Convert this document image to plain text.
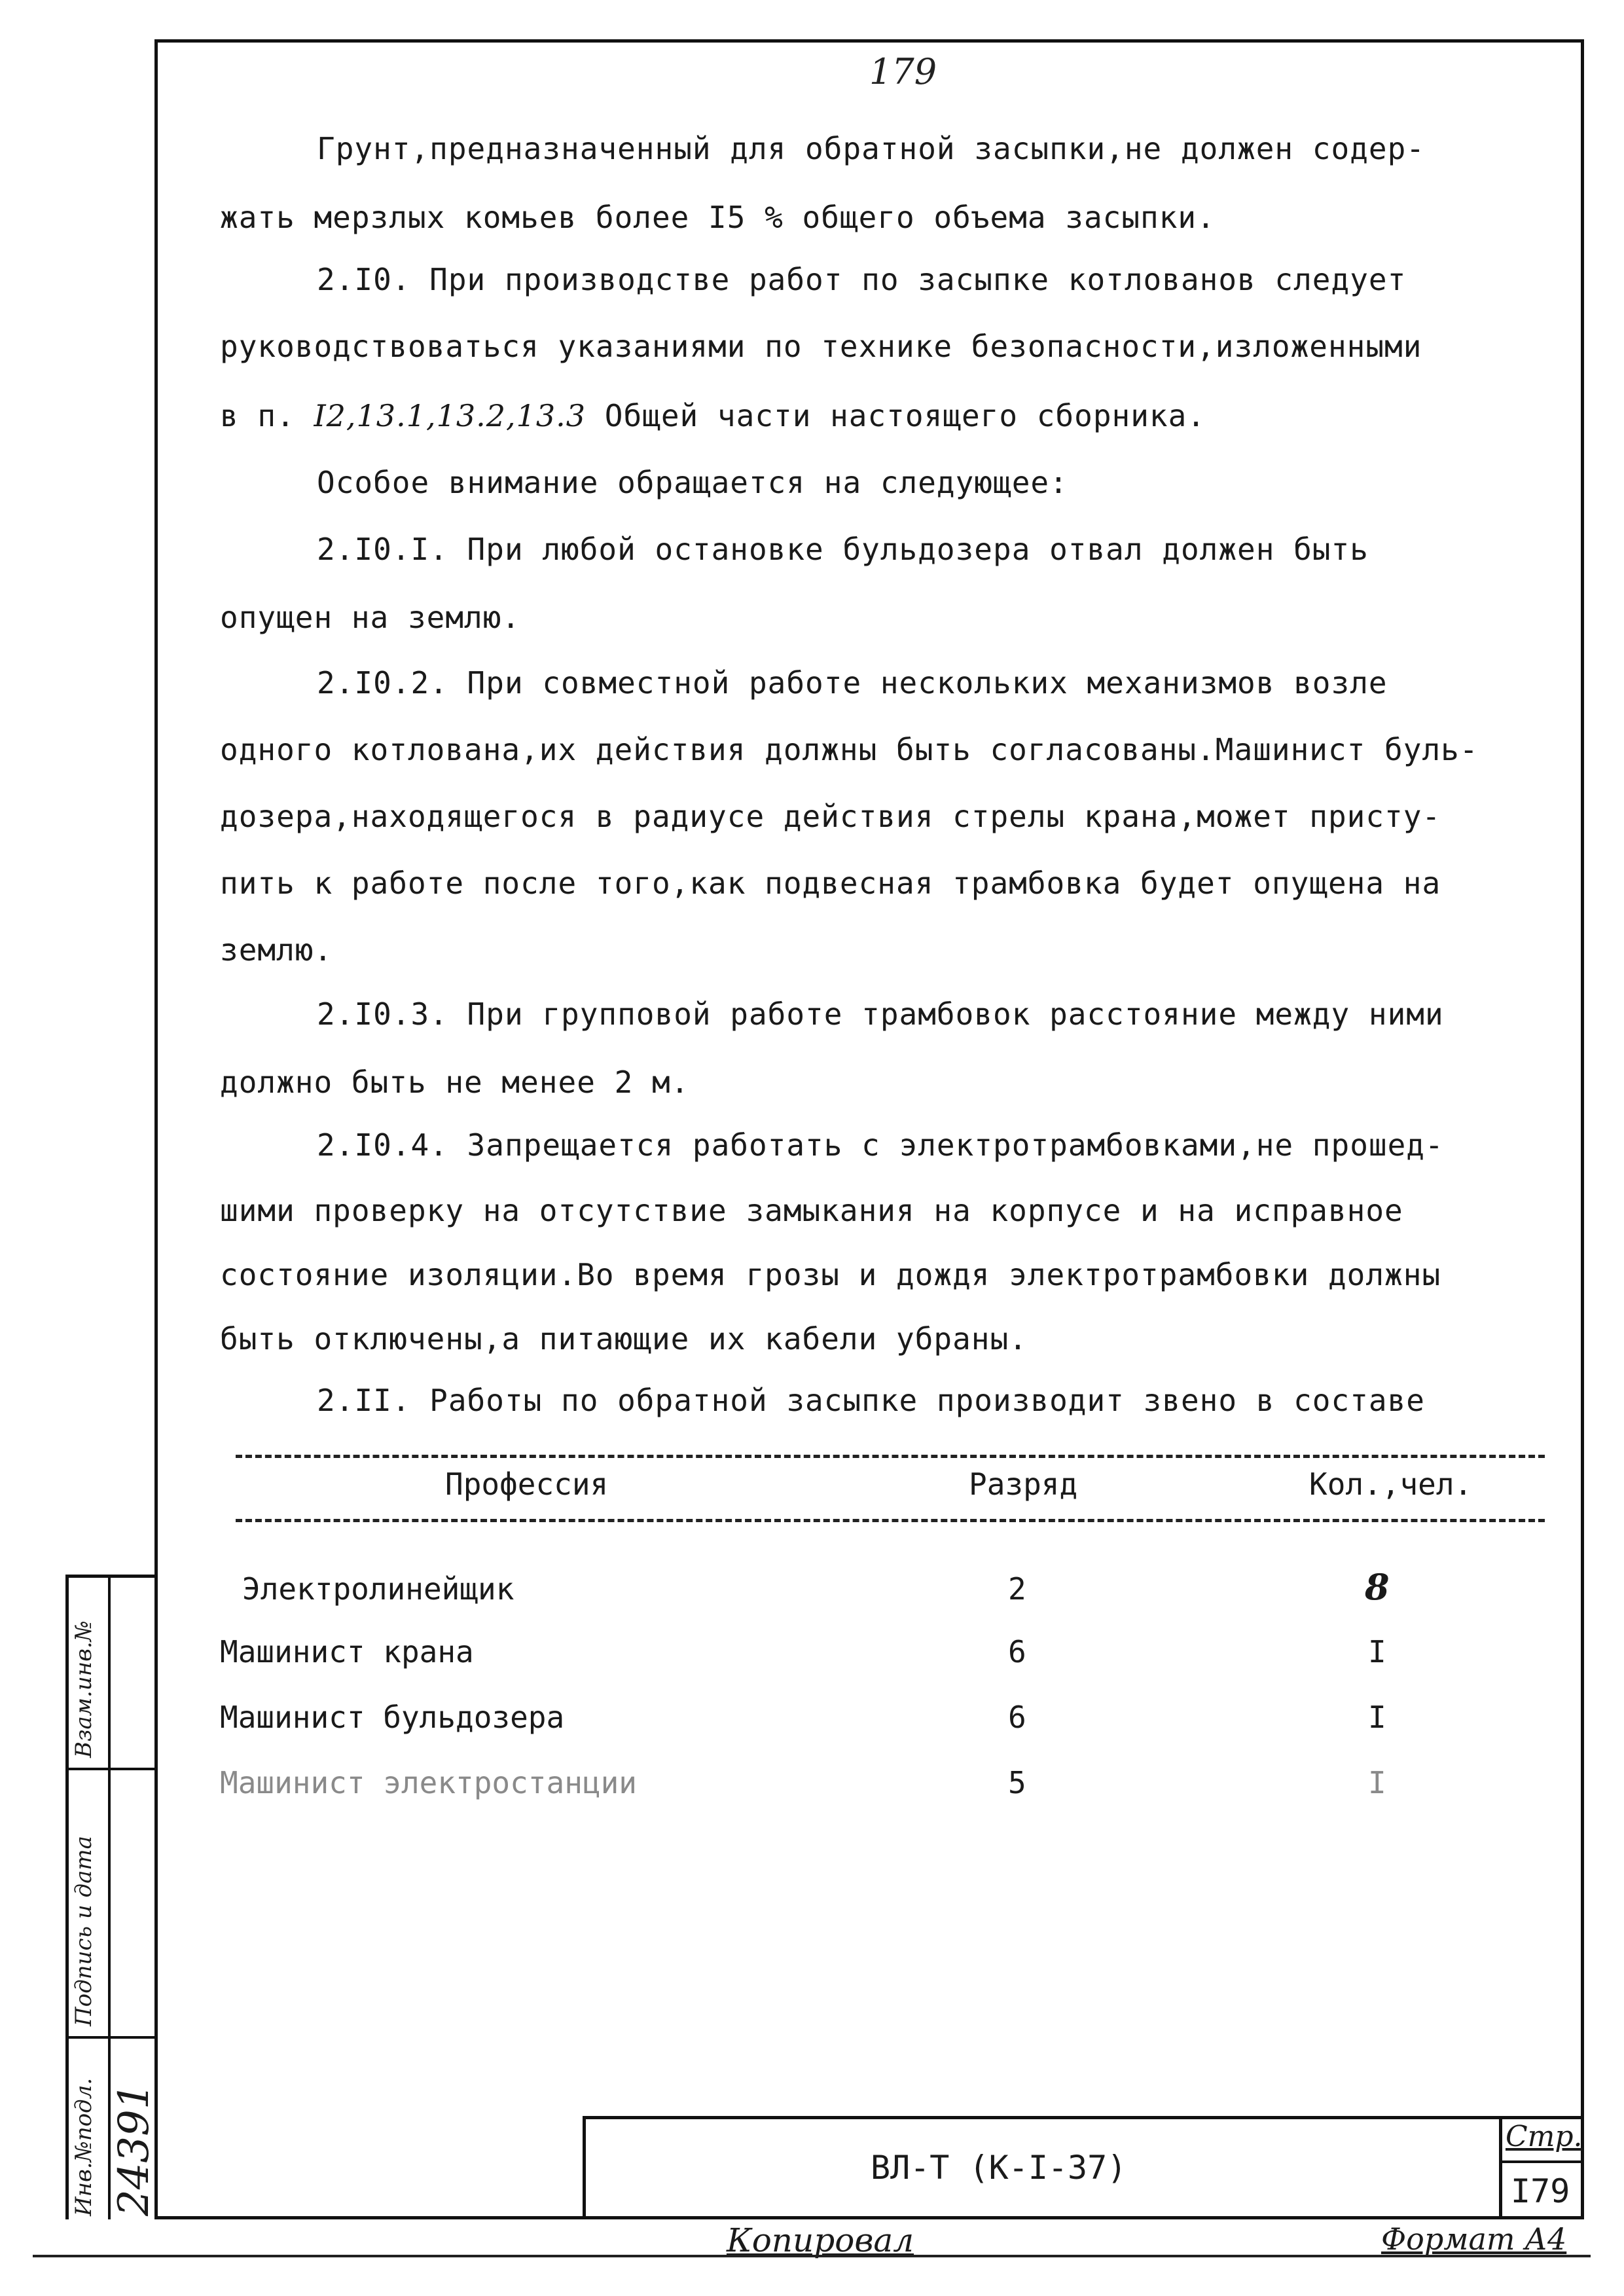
179
Грунт,предназначенный для обратной засыпки,не должен содер-
жать мерзлых комьев более I5 % общего объема засыпки.
2.I0. При производстве работ по засыпке котлованов следует
руководствоваться указаниями по технике безопасности,изложенными
в п. I2,13.1,13.2,13.3 Общей части настоящего сборника.
Особое внимание обращается на следующее:
2.I0.I. При любой остановке бульдозера отвал должен быть
опущен на землю.
2.I0.2. При совместной работе нескольких механизмов возле
одного котлована,их действия должны быть согласованы.Машинист буль-
дозера,находящегося в радиусе действия стрелы крана,может присту-
пить к работе после того,как подвесная трамбовка будет опущена на
землю.
2.I0.3. При групповой работе трамбовок расстояние между ними
должно быть не менее 2 м.
2.I0.4. Запрещается работать с электротрамбовками,не прошед-
шими проверку на отсутствие замыкания на корпусе и на исправное
состояние изоляции.Во время грозы и дождя электротрамбовки должны
быть отключены,а питающие их кабели убраны.
2.II. Работы по обратной засыпке производит звено в составе
Профессия	Разряд	Кол.,чел.
Электролинейщик	2	8
Машинист крана	6	I
Машинист бульдозера	6	I
Машинист электростанции	5	I
ВЛ-Т (К-I-37)
Стр.
I79
Взам.инв.№
Подпись и дата
Инв.№подл. 24391
Копировал	Формат А4
